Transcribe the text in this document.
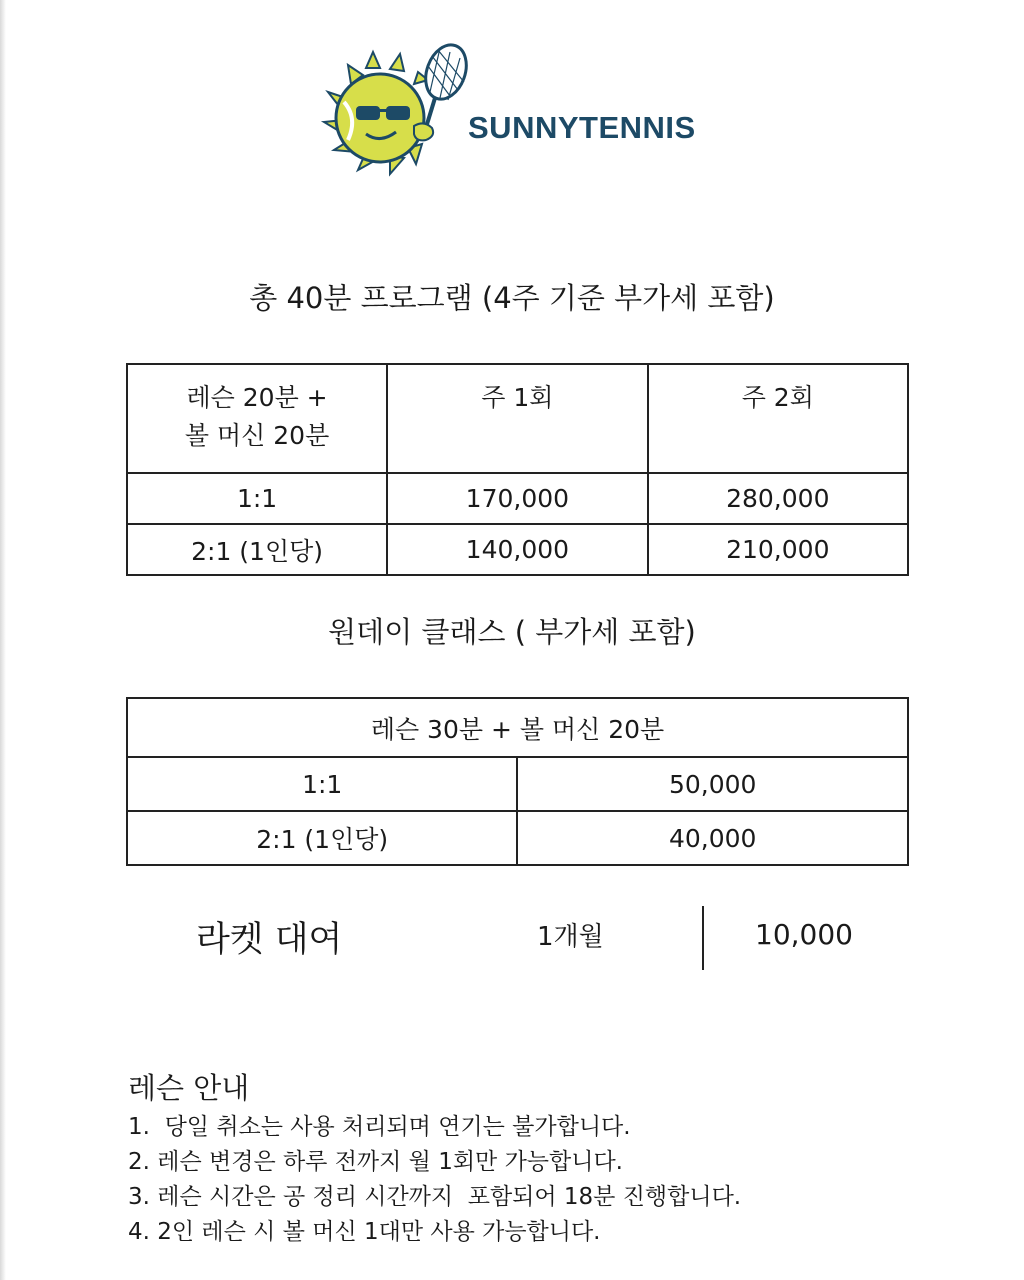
SUNNYTENNIS
총 40분 프로그램 (4주 기준 부가세 포함)
레슨 20분 +
볼 머신 20분	주 1회	주 2회
1:1	170,000	280,000
2:1 (1인당)	140,000	210,000
원데이 클래스 ( 부가세 포함)
레슨 30분 + 볼 머신 20분	
1:1	50,000
2:1 (1인당)	40,000
라켓 대여	1개월	10,000
레슨 안내
1.  당일 취소는 사용 처리되며 연기는 불가합니다.
2. 레슨 변경은 하루 전까지 월 1회만 가능합니다.
3. 레슨 시간은 공 정리 시간까지  포함되어 18분 진행합니다.
4. 2인 레슨 시 볼 머신 1대만 사용 가능합니다.
